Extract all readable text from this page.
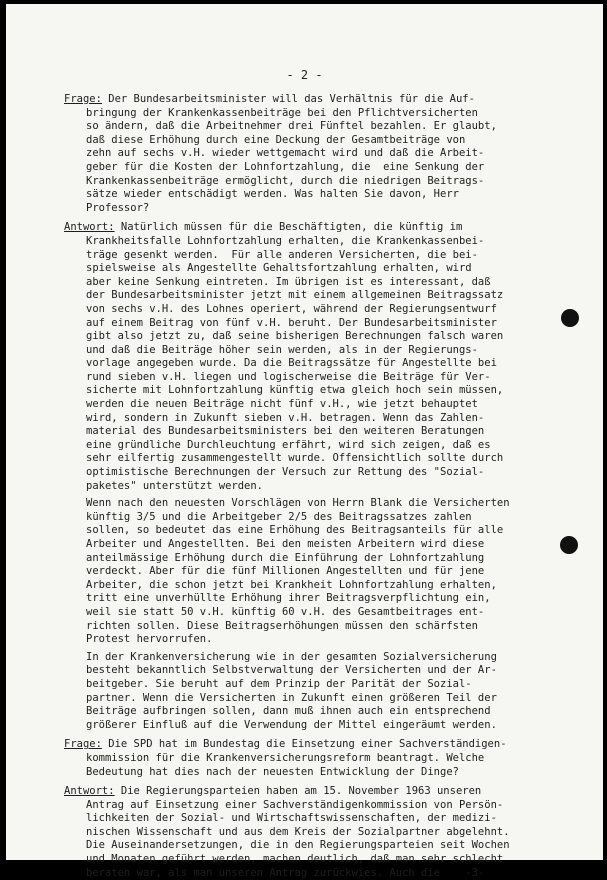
- 2 -
Frage: Der Bundesarbeitsminister will das Verhältnis für die Auf-
bringung der Krankenkassenbeiträge bei den Pflichtversicherten
so ändern, daß die Arbeitnehmer drei Fünftel bezahlen. Er glaubt,
daß diese Erhöhung durch eine Deckung der Gesamtbeiträge von
zehn auf sechs v.H. wieder wettgemacht wird und daß die Arbeit-
geber für die Kosten der Lohnfortzahlung, die  eine Senkung der
Krankenkassenbeiträge ermöglicht, durch die niedrigen Beitrags-
sätze wieder entschädigt werden. Was halten Sie davon, Herr
Professor?
Antwort: Natürlich müssen für die Beschäftigten, die künftig im
Krankheitsfalle Lohnfortzahlung erhalten, die Krankenkassenbei-
träge gesenkt werden.  Für alle anderen Versicherten, die bei-
spielsweise als Angestellte Gehaltsfortzahlung erhalten, wird
aber keine Senkung eintreten. Im übrigen ist es interessant, daß
der Bundesarbeitsminister jetzt mit einem allgemeinen Beitragssatz
von sechs v.H. des Lohnes operiert, während der Regierungsentwurf
auf einem Beitrag von fünf v.H. beruht. Der Bundesarbeitsminister
gibt also jetzt zu, daß seine bisherigen Berechnungen falsch waren
und daß die Beiträge höher sein werden, als in der Regierungs-
vorlage angegeben wurde. Da die Beitragssätze für Angestellte bei
rund sieben v.H. liegen und logischerweise die Beiträge für Ver-
sicherte mit Lohnfortzahlung künftig etwa gleich hoch sein müssen,
werden die neuen Beiträge nicht fünf v.H., wie jetzt behauptet
wird, sondern in Zukunft sieben v.H. betragen. Wenn das Zahlen-
material des Bundesarbeitsministers bei den weiteren Beratungen
eine gründliche Durchleuchtung erfährt, wird sich zeigen, daß es
sehr eilfertig zusammengestellt wurde. Offensichtlich sollte durch
optimistische Berechnungen der Versuch zur Rettung des "Sozial-
paketes" unterstützt werden.
Wenn nach den neuesten Vorschlägen von Herrn Blank die Versicherten
künftig 3/5 und die Arbeitgeber 2/5 des Beitragssatzes zahlen
sollen, so bedeutet das eine Erhöhung des Beitragsanteils für alle
Arbeiter und Angestellten. Bei den meisten Arbeitern wird diese
anteilmässige Erhöhung durch die Einführung der Lohnfortzahlung
verdeckt. Aber für die fünf Millionen Angestellten und für jene
Arbeiter, die schon jetzt bei Krankheit Lohnfortzahlung erhalten,
tritt eine unverhüllte Erhöhung ihrer Beitragsverpflichtung ein,
weil sie statt 50 v.H. künftig 60 v.H. des Gesamtbeitrages ent-
richten sollen. Diese Beitragserhöhungen müssen den schärfsten
Protest hervorrufen.
In der Krankenversicherung wie in der gesamten Sozialversicherung
besteht bekanntlich Selbstverwaltung der Versicherten und der Ar-
beitgeber. Sie beruht auf dem Prinzip der Parität der Sozial-
partner. Wenn die Versicherten in Zukunft einen größeren Teil der
Beiträge aufbringen sollen, dann muß ihnen auch ein entsprechend
größerer Einfluß auf die Verwendung der Mittel eingeräumt werden.
Frage: Die SPD hat im Bundestag die Einsetzung einer Sachverständigen-
kommission für die Krankenversicherungsreform beantragt. Welche
Bedeutung hat dies nach der neuesten Entwicklung der Dinge?
Antwort: Die Regierungsparteien haben am 15. November 1963 unseren
Antrag auf Einsetzung einer Sachverständigenkommission von Persön-
lichkeiten der Sozial- und Wirtschaftswissenschaften, der medizi-
nischen Wissenschaft und aus dem Kreis der Sozialpartner abgelehnt.
Die Auseinandersetzungen, die in den Regierungsparteien seit Wochen
und Monaten geführt werden, machen deutlich, daß man sehr schlecht
beraten war, als man unseren Antrag zurückwies. Auch die    -3-
